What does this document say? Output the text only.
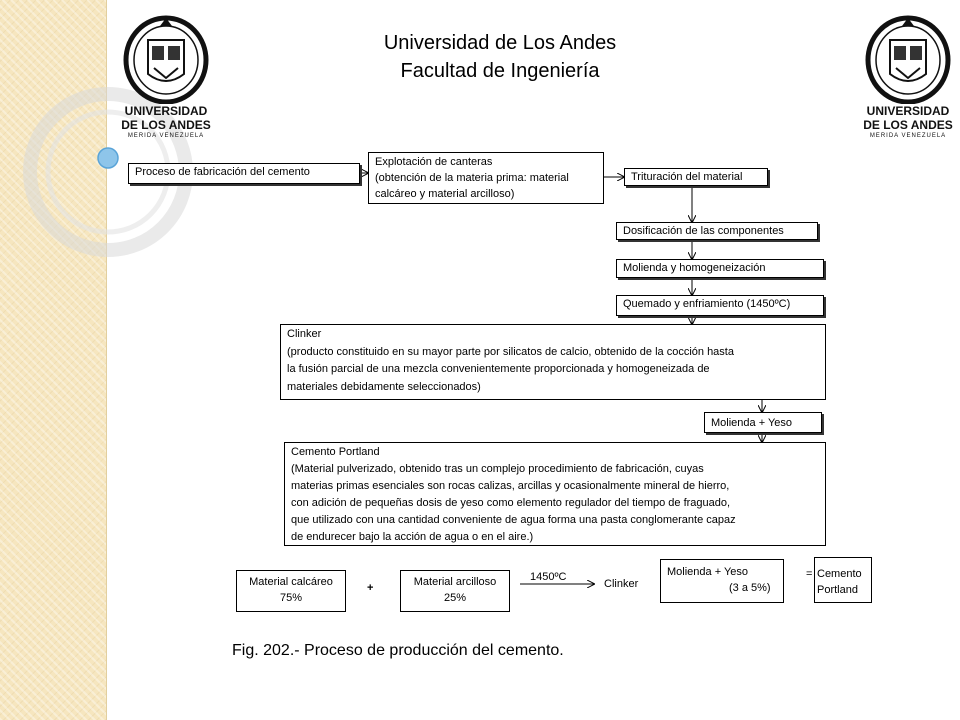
Universidad de Los Andes
Facultad de Ingeniería
UNIVERSIDAD
DE LOS ANDES
MERIDA VENEZUELA
UNIVERSIDAD
DE LOS ANDES
MERIDA VENEZUELA
Proceso de fabricación del cemento
Explotación de canteras
(obtención de la materia prima: material
calcáreo y material arcilloso)
Trituración del material
Dosificación de las componentes
Molienda y homogeneización
Quemado y enfriamiento (1450ºC)
Clinker
(producto constituido en su mayor parte por silicatos de calcio, obtenido de la cocción hasta
la fusión parcial de una mezcla convenientemente proporcionada y homogeneizada de
materiales debidamente seleccionados)
Molienda + Yeso
Cemento Portland
(Material pulverizado, obtenido tras un complejo procedimiento de fabricación, cuyas
materias primas esenciales son rocas calizas, arcillas y ocasionalmente mineral de hierro,
con adición de pequeñas dosis de yeso como elemento regulador del tiempo de fraguado,
que utilizado con una cantidad conveniente de agua forma una pasta conglomerante capaz
de endurecer bajo la acción de agua o en el aire.)
Material calcáreo
75%
+	Material arcilloso
25%
1450ºC
Clinker
Molienda + Yeso
(3 a 5%)
= Cemento
Portland
Fig. 202.- Proceso de producción del cemento.
